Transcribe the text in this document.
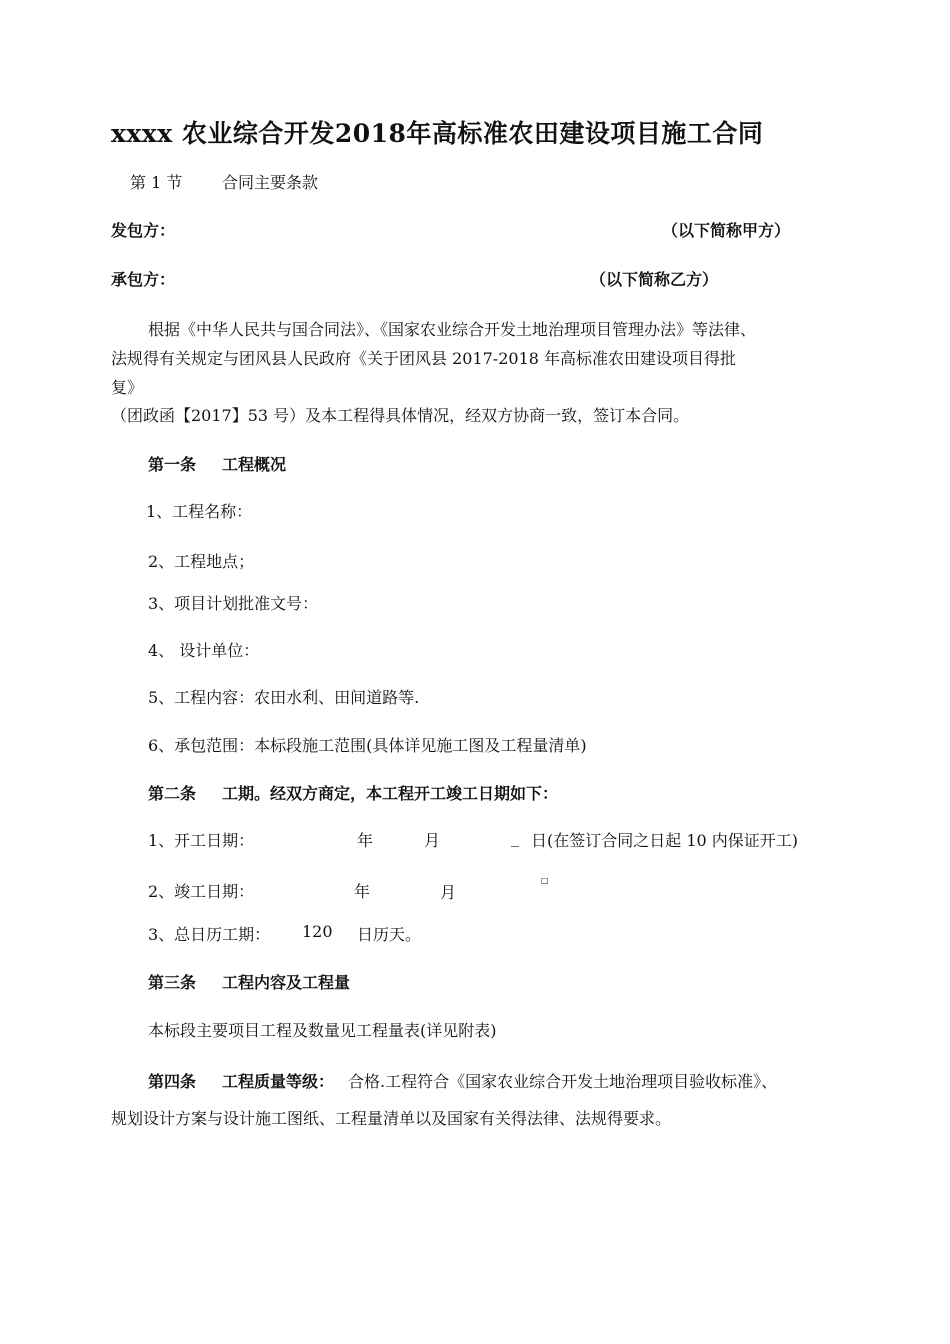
xxxx 农业综合开发2018年高标准农田建设项目施工合同
第 1 节 合同主要条款
发包方：	（以下简称甲方）
承包方：	（以下简称乙方）
根据《中华人民共与国合同法》、《国家农业综合开发土地治理项目管理办法》等法律、
法规得有关规定与团风县人民政府《关于团风县 2017-2018 年高标准农田建设项目得批
复》
（团政函【2017】53 号）及本工程得具体情况，经双方协商一致，签订本合同。
第一条 工程概况
1、工程名称：
2、工程地点；
3、项目计划批准文号：
4、 设计单位：
5、工程内容：农田水利、田间道路等.
6、承包范围：本标段施工范围(具体详见施工图及工程量清单)
第二条 工期。经双方商定，本工程开工竣工日期如下：
1、开工日期：	年	月	_ 日(在签订合同之日起 10 内保证开工)
2、竣工日期：	年	月
□
3、总日历工期： 120 日历天。
第三条 工程内容及工程量
本标段主要项目工程及数量见工程量表(详见附表)
第四条 工程质量等级： 合格.工程符合《国家农业综合开发土地治理项目验收标准》、
规划设计方案与设计施工图纸、工程量清单以及国家有关得法律、法规得要求。
